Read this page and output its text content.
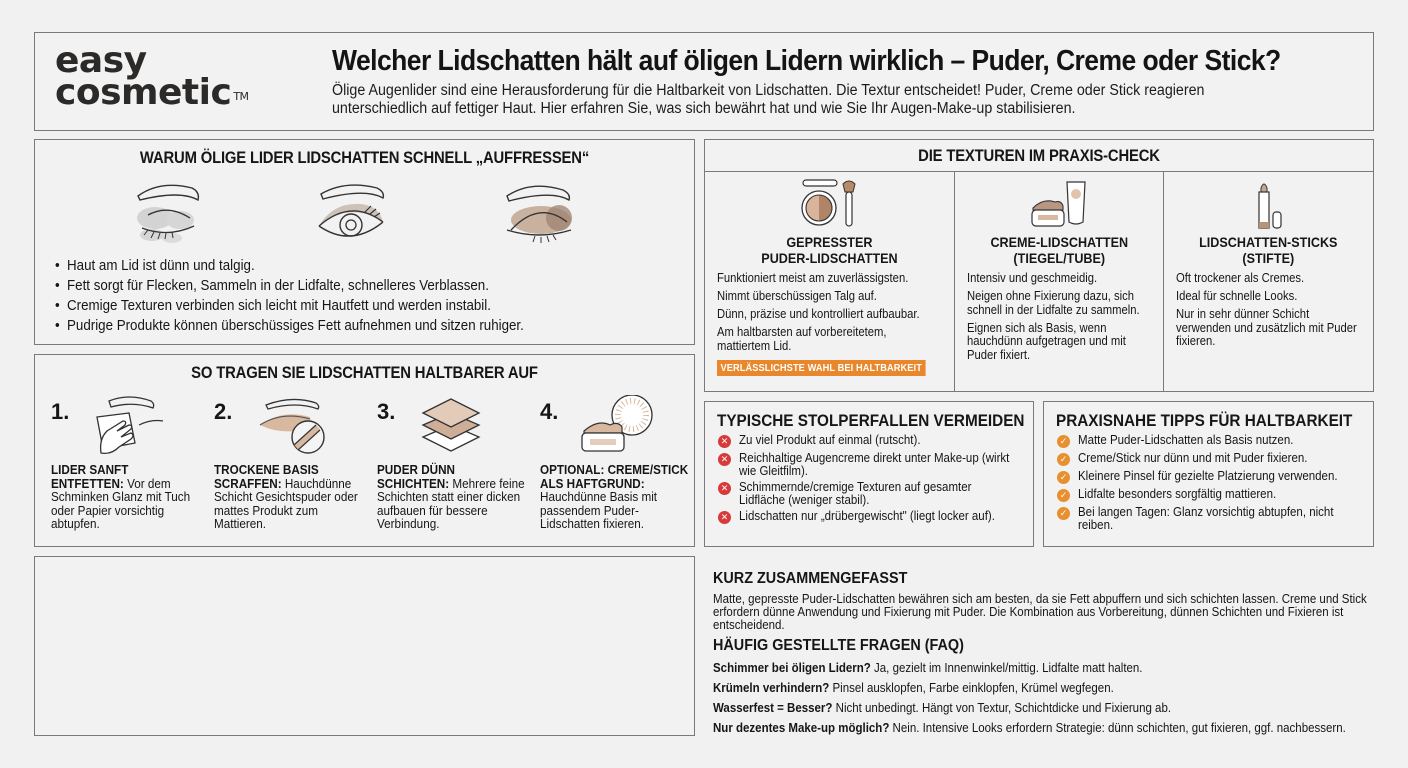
easy
cosmetic ™
Welcher Lidschatten hält auf öligen Lidern wirklich – Puder, Creme oder Stick?

Ölige Augenlider sind eine Herausforderung für die Haltbarkeit von Lidschatten. Die Textur entscheidet! Puder, Creme oder Stick reagieren unterschiedlich auf fettiger Haut. Hier erfahren Sie, was sich bewährt hat und wie Sie Ihr Augen-Make-up stabilisieren.

WARUM ÖLIGE LIDER LIDSCHATTEN SCHNELL „AUFFRESSEN“
• Haut am Lid ist dünn und talgig.
• Fett sorgt für Flecken, Sammeln in der Lidfalte, schnelleres Verblassen.
• Cremige Texturen verbinden sich leicht mit Hautfett und werden instabil.
• Pudrige Produkte können überschüssiges Fett aufnehmen und sitzen ruhiger.
SO TRAGEN SIE LIDSCHATTEN HALTBARER AUF
1.
LIDER SANFT ENTFETTEN: Vor dem Schminken Glanz mit Tuch oder Papier vorsichtig abtupfen.
2.
TROCKENE BASIS SCRAFFEN: Hauchdünne Schicht Gesichtspuder oder mattes Produkt zum Mattieren.
3.
PUDER DÜNN SCHICHTEN: Mehrere feine Schichten statt einer dicken aufbauen für bessere Verbindung.
4.
OPTIONAL: CREME/STICK ALS HAFTGRUND: Hauchdünne Basis mit passendem Puder-Lidschatten fixieren.
DIE TEXTUREN IM PRAXIS-CHECK
GEPRESSTER
PUDER-LIDSCHATTEN
Funktioniert meist am zuverlässigsten.
Nimmt überschüssigen Talg auf.
Dünn, präzise und kontrolliert aufbaubar.
Am haltbarsten auf vorbereitetem, mattiertem Lid.
VERLÄSSLICHSTE WAHL BEI HALTBARKEIT
CREME-LIDSCHATTEN
(TIEGEL/TUBE)
Intensiv und geschmeidig.
Neigen ohne Fixierung dazu, sich schnell in der Lidfalte zu sammeln.
Eignen sich als Basis, wenn hauchdünn aufgetragen und mit Puder fixiert.
LIDSCHATTEN-STICKS
(STIFTE)
Oft trockener als Cremes.
Ideal für schnelle Looks.
Nur in sehr dünner Schicht verwenden und zusätzlich mit Puder fixieren.
TYPISCHE STOLPERFALLEN VERMEIDEN
✕ Zu viel Produkt auf einmal (rutscht).
✕ Reichhaltige Augencreme direkt unter Make-up (wirkt wie Gleitfilm).
✕ Schimmernde/cremige Texturen auf gesamter Lidfläche (weniger stabil).
✕ Lidschatten nur „drübergewischt" (liegt locker auf).
PRAXISNAHE TIPPS FÜR HALTBARKEIT
✓ Matte Puder-Lidschatten als Basis nutzen.
✓ Creme/Stick nur dünn und mit Puder fixieren.
✓ Kleinere Pinsel für gezielte Platzierung verwenden.
✓ Lidfalte besonders sorgfältig mattieren.
✓ Bei langen Tagen: Glanz vorsichtig abtupfen, nicht reiben.
KURZ ZUSAMMENGEFASST

Matte, gepresste Puder-Lidschatten bewähren sich am besten, da sie Fett abpuffern und sich schichten lassen. Creme und Stick erfordern dünne Anwendung und Fixierung mit Puder. Die Kombination aus Vorbereitung, dünnen Schichten und Fixieren ist entscheidend.

HÄUFIG GESTELLTE FRAGEN (FAQ)
Schimmer bei öligen Lidern? Ja, gezielt im Innenwinkel/mittig. Lidfalte matt halten.
Krümeln verhindern? Pinsel ausklopfen, Farbe einklopfen, Krümel wegfegen.
Wasserfest = Besser? Nicht unbedingt. Hängt von Textur, Schichtdicke und Fixierung ab.
Nur dezentes Make-up möglich? Nein. Intensive Looks erfordern Strategie: dünn schichten, gut fixieren, ggf. nachbessern.
